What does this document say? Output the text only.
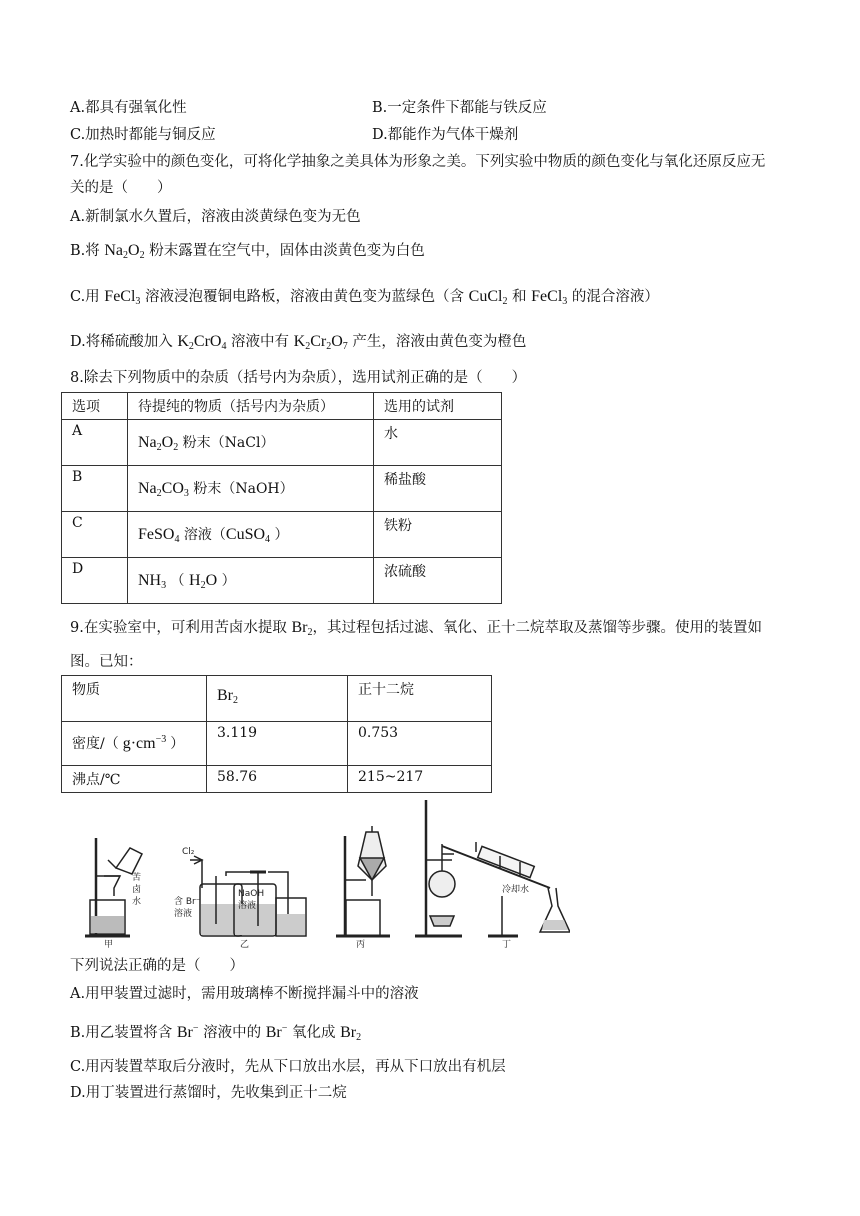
A.都具有强氧化性	B.一定条件下都能与铁反应
C.加热时都能与铜反应	D.都能作为气体干燥剂
7.化学实验中的颜色变化，可将化学抽象之美具体为形象之美。下列实验中物质的颜色变化与氧化还原反应无
关的是（　　）
A.新制氯水久置后，溶液由淡黄绿色变为无色
B.将 $Na_2O_2$ 粉末露置在空气中，固体由淡黄色变为白色
C.用 FeCl$_3$ 溶液浸泡覆铜电路板，溶液由黄色变为蓝绿色（含 CuCl$_2$ 和 FeCl$_3$ 的混合溶液）
D.将稀硫酸加入 $K_2CrO_4$ 溶液中有 $K_2Cr_2O_7$ 产生，溶液由黄色变为橙色
8.除去下列物质中的杂质（括号内为杂质），选用试剂正确的是（　　）
选项	待提纯的物质（括号内为杂质）	选用的试剂
A	$Na_2O_2$ 粉末（NaCl）	水
B	$Na_2CO_3$ 粉末（NaOH）	稀盐酸
C	FeSO$_4$ 溶液（CuSO$_4$ ）	铁粉
D	$NH_3$ （ $H_2O$ ）	浓硫酸
9.在实验室中，可利用苦卤水提取 $Br_2$，其过程包括过滤、氧化、正十二烷萃取及蒸馏等步骤。使用的装置如
图。已知：
物质	$Br_2$	正十二烷

密度/（ $g\cdot cm^{-3}$ ）	3.119	0.753
沸点/℃	58.76	215~217
苦
卤
水
甲
Cl₂
含 Br⁻
溶液
NaOH
溶液
乙	丙
冷却水
丁
下列说法正确的是（　　）
A.用甲装置过滤时，需用玻璃棒不断搅拌漏斗中的溶液
B.用乙装置将含 Br− 溶液中的 Br− 氧化成 $Br_2$
C.用丙装置萃取后分液时，先从下口放出水层，再从下口放出有机层
D.用丁装置进行蒸馏时，先收集到正十二烷
